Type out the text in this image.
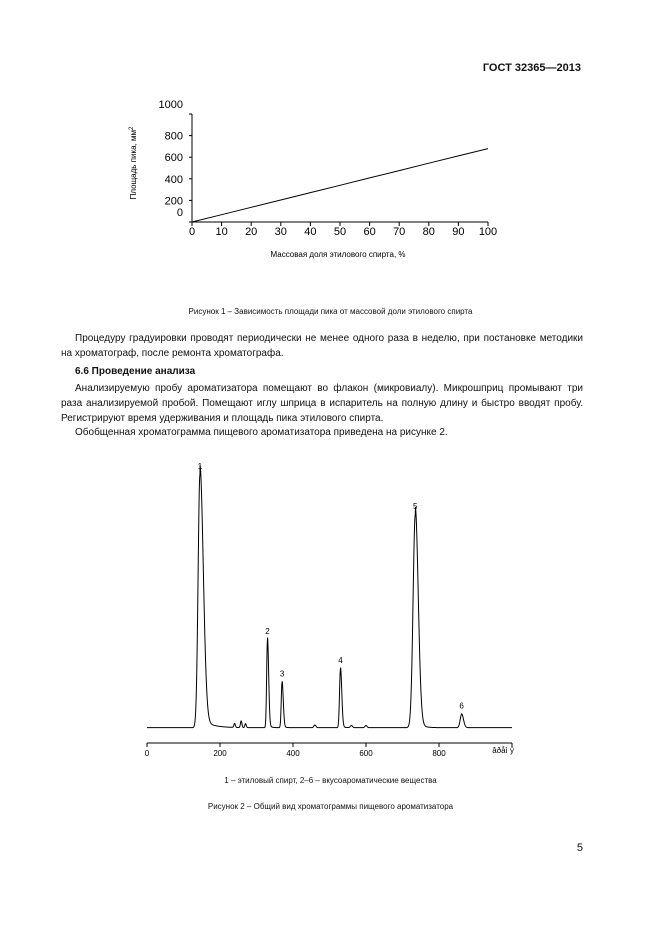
ГОСТ 32365—2013
0 10 20 30 40 50 60 70 80 90 100
0
200
400
600
800
1000
Массовая доля этилового спирта, %
Площадь пика, $мм^2$
Рисунок 1 – Зависимость площади пика от массовой доли этилового спирта
Процедуру градуировки проводят периодически не менее одного раза в неделю, при постановке методики на хроматограф, после ремонта хроматографа.
6.6 Проведение анализа
Анализируемую пробу ароматизатора помещают во флакон (микровиалу). Микрошприц промывают три раза анализируемой пробой. Помещают иглу шприца в испаритель на полную длину и быстро вводят пробу. Регистрируют время удерживания и площадь пика этилового спирта.
Обобщенная хроматограмма пищевого ароматизатора приведена на рисунке 2.
0	200	400	600	800	âðåì ÿ
1
2
3
4
5
6
1 – этиловый спирт, 2–6 – вкусоароматические вещества
Рисунок 2 – Общий вид хроматограммы пищевого ароматизатора
5
